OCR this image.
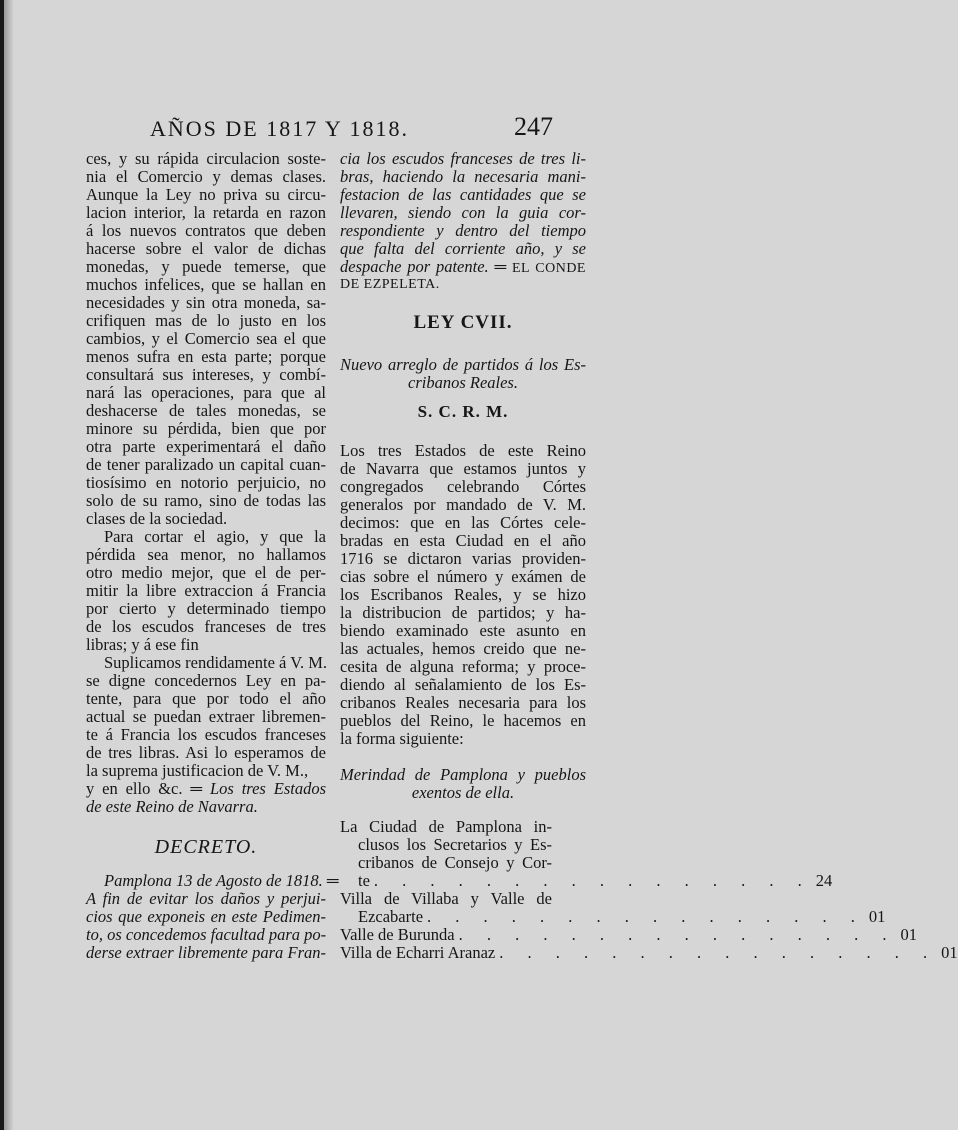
AÑOS DE 1817 Y 1818.	247
ces, y su rápida circulacion soste-
nia el Comercio y demas clases.
Aunque la Ley no priva su circu-
lacion interior, la retarda en razon
á los nuevos contratos que deben
hacerse sobre el valor de dichas
monedas, y puede temerse, que
muchos infelices, que se hallan en
necesidades y sin otra moneda, sa-
crifiquen mas de lo justo en los
cambios, y el Comercio sea el que
menos sufra en esta parte; porque
consultará sus intereses, y combí-
nará las operaciones, para que al
deshacerse de tales monedas, se
minore su pérdida, bien que por
otra parte experimentará el daño
de tener paralizado un capital cuan-
tiosísimo en notorio perjuicio, no
solo de su ramo, sino de todas las
clases de la sociedad.
Para cortar el agio, y que la
pérdida sea menor, no hallamos
otro medio mejor, que el de per-
mitir la libre extraccion á Francia
por cierto y determinado tiempo
de los escudos franceses de tres
libras; y á ese fin
Suplicamos rendidamente á V. M.
se digne concedernos Ley en pa-
tente, para que por todo el año
actual se puedan extraer libremen-
te á Francia los escudos franceses
de tres libras. Asi lo esperamos de
la suprema justificacion de V. M.,
y en ello &c. ═ Los tres Estados
de este Reino de Navarra.
DECRETO.
Pamplona 13 de Agosto de 1818. ═
A fin de evitar los daños y perjui-
cios que exponeis en este Pedimen-
to, os concedemos facultad para po-
derse extraer libremente para Fran-
cia los escudos franceses de tres li-
bras, haciendo la necesaria mani-
festacion de las cantidades que se
llevaren, siendo con la guia cor-
respondiente y dentro del tiempo
que falta del corriente año, y se
despache por patente. ═ EL CONDE
DE EZPELETA.
LEY CVII.
Nuevo arreglo de partidos á los Es-
cribanos Reales.
S. C. R. M.
Los tres Estados de este Reino
de Navarra que estamos juntos y
congregados celebrando Córtes
generalos por mandado de V. M.
decimos: que en las Córtes cele-
bradas en esta Ciudad en el año
1716 se dictaron varias providen-
cias sobre el número y exámen de
los Escribanos Reales, y se hizo
la distribucion de partidos; y ha-
biendo examinado este asunto en
las actuales, hemos creido que ne-
cesita de alguna reforma; y proce-
diendo al señalamiento de los Es-
cribanos Reales necesaria para los
pueblos del Reino, le hacemos en
la forma siguiente:
Merindad de Pamplona y pueblos
exentos de ella.
La Ciudad de Pamplona in-
clusos los Secretarios y Es-
cribanos de Consejo y Cor-
te . . . . . . . . . . . . . . . . 24
Villa de Villaba y Valle de
Ezcabarte . . . . . . . . . . . . . . . . 01
Valle de Burunda . . . . . . . . . . . . . . . . 01
Villa de Echarri Aranaz . . . . . . . . . . . . . . . . 01
